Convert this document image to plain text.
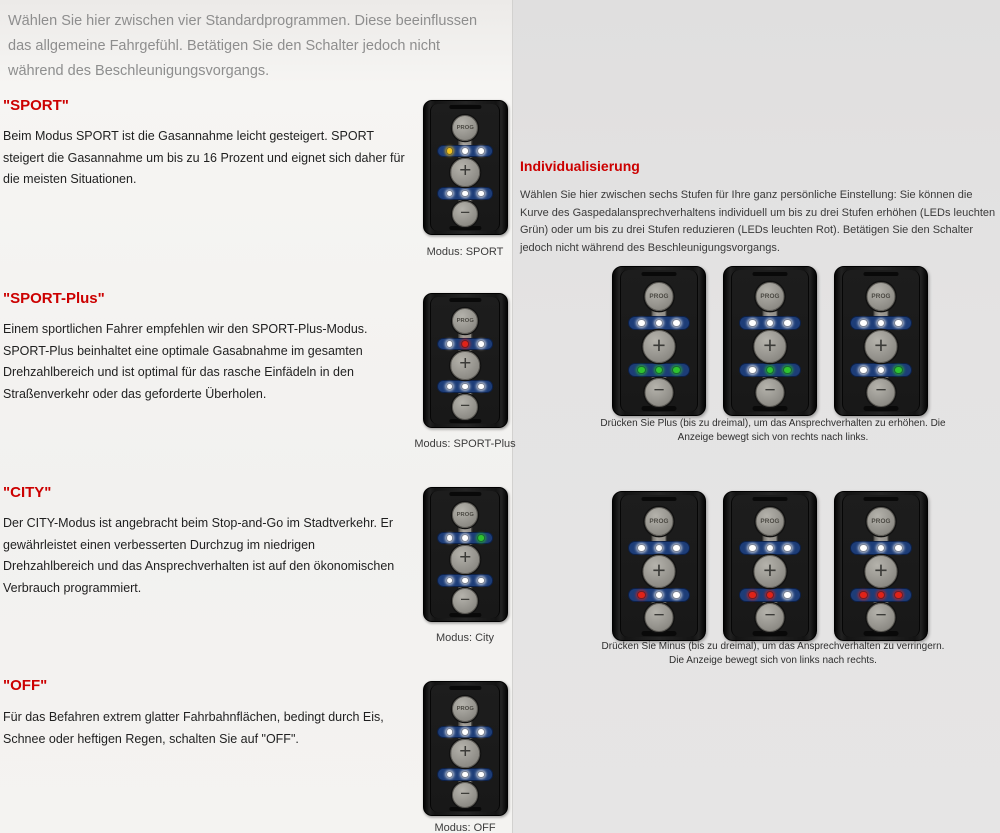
Wählen Sie hier zwischen vier Standardprogrammen. Diese beeinflussen das allgemeine Fahrgefühl. Betätigen Sie den Schalter jedoch nicht während des Beschleunigungsvorgangs.
"SPORT"
Beim Modus SPORT ist die Gasannahme leicht gesteigert. SPORT steigert die Gasannahme um bis zu 16 Prozent und eignet sich daher für die meisten Situationen.
"SPORT-Plus"
Einem sportlichen Fahrer empfehlen wir den SPORT-Plus-Modus. SPORT-Plus beinhaltet eine optimale Gasabnahme im gesamten Drehzahlbereich und ist optimal für das rasche Einfädeln in den Straßenverkehr oder das geforderte Überholen.
"CITY"
Der CITY-Modus ist angebracht beim Stop-and-Go im Stadtverkehr. Er gewährleistet einen verbesserten Durchzug im niedrigen Drehzahlbereich und das Ansprechverhalten ist auf den ökonomischen Verbrauch programmiert.
"OFF"
Für das Befahren extrem glatter Fahrbahnflächen, bedingt durch Eis, Schnee oder heftigen Regen, schalten Sie auf "OFF".
PROG
+
−
PROG
+
−
PROG
+
−
PROG
+
−
Modus: SPORT
Modus: SPORT-Plus
Modus: City
Modus: OFF
Individualisierung
Wählen Sie hier zwischen sechs Stufen für Ihre ganz persönliche Einstellung: Sie können die Kurve des Gaspedalansprechverhaltens individuell um bis zu drei Stufen erhöhen (LEDs leuchten Grün) oder um bis zu drei Stufen reduzieren (LEDs leuchten Rot). Betätigen Sie den Schalter jedoch nicht während des Beschleunigungsvorgangs.
PROG
+
−
PROG
+
−
PROG
+
−
Drücken Sie Plus (bis zu dreimal), um das Ansprechverhalten zu erhöhen. Die Anzeige bewegt sich von rechts nach links.
PROG
+
−
PROG
+
−
PROG
+
−
Drücken Sie Minus (bis zu dreimal), um das Ansprechverhalten zu verringern. Die Anzeige bewegt sich von links nach rechts.
